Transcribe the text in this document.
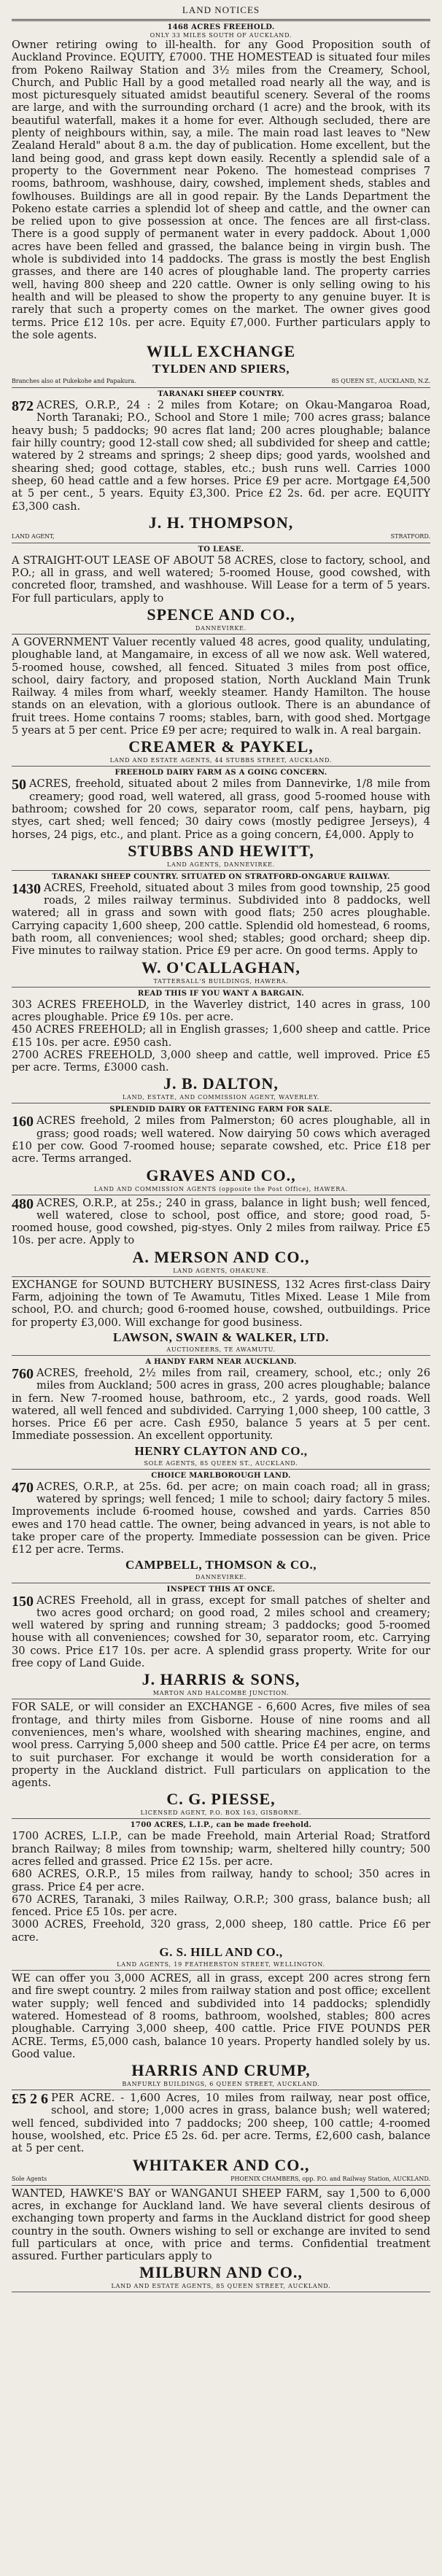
LAND NOTICES
1468 ACRES FREEHOLD.
ONLY 33 MILES SOUTH OF AUCKLAND.

Owner retiring owing to ill-health. for any Good Proposition south of Auckland Province. EQUITY, £7000. THE HOMESTEAD is situated four miles from Pokeno Railway Station and 3½ miles from the Creamery, School, Church, and Public Hall by a good metalled road nearly all the way, and is most picturesquely situated amidst beautiful scenery. Several of the rooms are large, and with the surrounding orchard (1 acre) and the brook, with its beautiful waterfall, makes it a home for ever. Although secluded, there are plenty of neighbours within, say, a mile. The main road last leaves to "New Zealand Herald" about 8 a.m. the day of publication. Home excellent, but the land being good, and grass kept down easily. Recently a splendid sale of a property to the Government near Pokeno. The homestead comprises 7 rooms, bathroom, washhouse, dairy, cowshed, implement sheds, stables and fowlhouses. Buildings are all in good repair. By the Lands Department the Pokeno estate carries a splendid lot of sheep and cattle, and the owner can be relied upon to give possession at once. The fences are all first-class. There is a good supply of permanent water in every paddock. About 1,000 acres have been felled and grassed, the balance being in virgin bush. The whole is subdivided into 14 paddocks. The grass is mostly the best English grasses, and there are 140 acres of ploughable land. The property carries well, having 800 sheep and 220 cattle. Owner is only selling owing to his health and will be pleased to show the property to any genuine buyer. It is rarely that such a property comes on the market. The owner gives good terms. Price £12 10s. per acre. Equity £7,000. Further particulars apply to the sole agents.

WILL EXCHANGE
TYLDEN AND SPIERS,
Branches also at Pukekohe and Papakura.	85 QUEEN ST., AUCKLAND, N.Z.
TARANAKI SHEEP COUNTRY.

872 ACRES, O.R.P., 24 : 2 miles from Kotare; on Okau-Mangaroa Road, North Taranaki; P.O., School and Store 1 mile; 700 acres grass; balance heavy bush; 5 paddocks; 90 acres flat land; 200 acres ploughable; balance fair hilly country; good 12-stall cow shed; all subdivided for sheep and cattle; watered by 2 streams and springs; 2 sheep dips; good yards, woolshed and shearing shed; good cottage, stables, etc.; bush runs well. Carries 1000 sheep, 60 head cattle and a few horses. Price £9 per acre. Mortgage £4,500 at 5 per cent., 5 years. Equity £3,300. Price £2 2s. 6d. per acre. EQUITY £3,300 cash.

J. H. THOMPSON,
LAND AGENT,	STRATFORD.
TO LEASE.

A STRAIGHT-OUT LEASE OF ABOUT 58 ACRES, close to factory, school, and P.O.; all in grass, and well watered; 5-roomed House, good cowshed, with concreted floor, tramshed, and washhouse. Will Lease for a term of 5 years. For full particulars, apply to

SPENCE AND CO.,
DANNEVIRKE.

A GOVERNMENT Valuer recently valued 48 acres, good quality, undulating, ploughable land, at Mangamaire, in excess of all we now ask. Well watered, 5-roomed house, cowshed, all fenced. Situated 3 miles from post office, school, dairy factory, and proposed station, North Auckland Main Trunk Railway. 4 miles from wharf, weekly steamer. Handy Hamilton. The house stands on an elevation, with a glorious outlook. There is an abundance of fruit trees. Home contains 7 rooms; stables, barn, with good shed. Mortgage 5 years at 5 per cent. Price £9 per acre; required to walk in. A real bargain.

CREAMER & PAYKEL,
LAND AND ESTATE AGENTS, 44 STUBBS STREET, AUCKLAND.
FREEHOLD DAIRY FARM AS A GOING CONCERN.

50 ACRES, freehold, situated about 2 miles from Dannevirke, 1/8 mile from creamery; good road, well watered, all grass, good 5-roomed house with bathroom; cowshed for 20 cows, separator room, calf pens, haybarn, pig styes, cart shed; well fenced; 30 dairy cows (mostly pedigree Jerseys), 4 horses, 24 pigs, etc., and plant. Price as a going concern, £4,000. Apply to

STUBBS AND HEWITT,
LAND AGENTS, DANNEVIRKE.
TARANAKI SHEEP COUNTRY. SITUATED ON STRATFORD-ONGARUE RAILWAY.

1430 ACRES, Freehold, situated about 3 miles from good township, 25 good roads, 2 miles railway terminus. Subdivided into 8 paddocks, well watered; all in grass and sown with good flats; 250 acres ploughable. Carrying capacity 1,600 sheep, 200 cattle. Splendid old homestead, 6 rooms, bath room, all conveniences; wool shed; stables; good orchard; sheep dip. Five minutes to railway station. Price £9 per acre. On good terms. Apply to

W. O'CALLAGHAN,
TATTERSALL'S BUILDINGS, HAWERA.
READ THIS IF YOU WANT A BARGAIN.

303 ACRES FREEHOLD, in the Waverley district, 140 acres in grass, 100 acres ploughable. Price £9 10s. per acre.

450 ACRES FREEHOLD; all in English grasses; 1,600 sheep and cattle. Price £15 10s. per acre. £950 cash.

2700 ACRES FREEHOLD, 3,000 sheep and cattle, well improved. Price £5 per acre. Terms, £3000 cash.

J. B. DALTON,
LAND, ESTATE, AND COMMISSION AGENT, WAVERLEY.
SPLENDID DAIRY OR FATTENING FARM FOR SALE.

160 ACRES freehold, 2 miles from Palmerston; 60 acres ploughable, all in grass; good roads; well watered. Now dairying 50 cows which averaged £10 per cow. Good 7-roomed house; separate cowshed, etc. Price £18 per acre. Terms arranged.

GRAVES AND CO.,
LAND AND COMMISSION AGENTS (opposite the Post Office), HAWERA.

480 ACRES, O.R.P., at 25s.; 240 in grass, balance in light bush; well fenced, well watered, close to school, post office, and store; good road, 5-roomed house, good cowshed, pig-styes. Only 2 miles from railway. Price £5 10s. per acre. Apply to

A. MERSON AND CO.,
LAND AGENTS, OHAKUNE.

EXCHANGE for SOUND BUTCHERY BUSINESS, 132 Acres first-class Dairy Farm, adjoining the town of Te Awamutu, Titles Mixed. Lease 1 Mile from school, P.O. and church; good 6-roomed house, cowshed, outbuildings. Price for property £3,000. Will exchange for good business.

LAWSON, SWAIN & WALKER, LTD.
AUCTIONEERS, TE AWAMUTU.
A HANDY FARM NEAR AUCKLAND.

760 ACRES, freehold, 2½ miles from rail, creamery, school, etc.; only 26 miles from Auckland; 500 acres in grass, 200 acres ploughable; balance in fern. New 7-roomed house, bathroom, etc., 2 yards, good roads. Well watered, all well fenced and subdivided. Carrying 1,000 sheep, 100 cattle, 3 horses. Price £6 per acre. Cash £950, balance 5 years at 5 per cent. Immediate possession. An excellent opportunity.

HENRY CLAYTON AND CO.,
SOLE AGENTS, 85 QUEEN ST., AUCKLAND.
CHOICE MARLBOROUGH LAND.

470 ACRES, O.R.P., at 25s. 6d. per acre; on main coach road; all in grass; watered by springs; well fenced; 1 mile to school; dairy factory 5 miles. Improvements include 6-roomed house, cowshed and yards. Carries 850 ewes and 170 head cattle. The owner, being advanced in years, is not able to take proper care of the property. Immediate possession can be given. Price £12 per acre. Terms.

CAMPBELL, THOMSON & CO.,
DANNEVIRKE.
INSPECT THIS AT ONCE.

150 ACRES Freehold, all in grass, except for small patches of shelter and two acres good orchard; on good road, 2 miles school and creamery; well watered by spring and running stream; 3 paddocks; good 5-roomed house with all conveniences; cowshed for 30, separator room, etc. Carrying 30 cows. Price £17 10s. per acre. A splendid grass property. Write for our free copy of Land Guide.

J. HARRIS & SONS,
MARTON AND HALCOMBE JUNCTION.

FOR SALE, or will consider an EXCHANGE - 6,600 Acres, five miles of sea frontage, and thirty miles from Gisborne. House of nine rooms and all conveniences, men's whare, woolshed with shearing machines, engine, and wool press. Carrying 5,000 sheep and 500 cattle. Price £4 per acre, on terms to suit purchaser. For exchange it would be worth consideration for a property in the Auckland district. Full particulars on application to the agents.

C. G. PIESSE,
LICENSED AGENT, P.O. BOX 163, GISBORNE.
1700 ACRES, L.I.P., can be made freehold.

1700 ACRES, L.I.P., can be made Freehold, main Arterial Road; Stratford branch Railway; 8 miles from township; warm, sheltered hilly country; 500 acres felled and grassed. Price £2 15s. per acre.

680 ACRES, O.R.P., 15 miles from railway, handy to school; 350 acres in grass. Price £4 per acre.

670 ACRES, Taranaki, 3 miles Railway, O.R.P.; 300 grass, balance bush; all fenced. Price £5 10s. per acre.

3000 ACRES, Freehold, 320 grass, 2,000 sheep, 180 cattle. Price £6 per acre.

G. S. HILL AND CO.,
LAND AGENTS, 19 FEATHERSTON STREET, WELLINGTON.

WE can offer you 3,000 ACRES, all in grass, except 200 acres strong fern and fire swept country. 2 miles from railway station and post office; excellent water supply; well fenced and subdivided into 14 paddocks; splendidly watered. Homestead of 8 rooms, bathroom, woolshed, stables; 800 acres ploughable. Carrying 3,000 sheep, 400 cattle. Price FIVE POUNDS PER ACRE. Terms, £5,000 cash, balance 10 years. Property handled solely by us. Good value.

HARRIS AND CRUMP,
BANFURLY BUILDINGS, 6 QUEEN STREET, AUCKLAND.

£5 2 6 PER ACRE. - 1,600 Acres, 10 miles from railway, near post office, school, and store; 1,000 acres in grass, balance bush; well watered; well fenced, subdivided into 7 paddocks; 200 sheep, 100 cattle; 4-roomed house, woolshed, etc. Price £5 2s. 6d. per acre. Terms, £2,600 cash, balance at 5 per cent.

WHITAKER AND CO.,
Sole Agents	PHOENIX CHAMBERS, opp. P.O. and Railway Station, AUCKLAND.

WANTED, HAWKE'S BAY or WANGANUI SHEEP FARM, say 1,500 to 6,000 acres, in exchange for Auckland land. We have several clients desirous of exchanging town property and farms in the Auckland district for good sheep country in the south. Owners wishing to sell or exchange are invited to send full particulars at once, with price and terms. Confidential treatment assured. Further particulars apply to

MILBURN AND CO.,
LAND AND ESTATE AGENTS, 85 QUEEN STREET, AUCKLAND.
